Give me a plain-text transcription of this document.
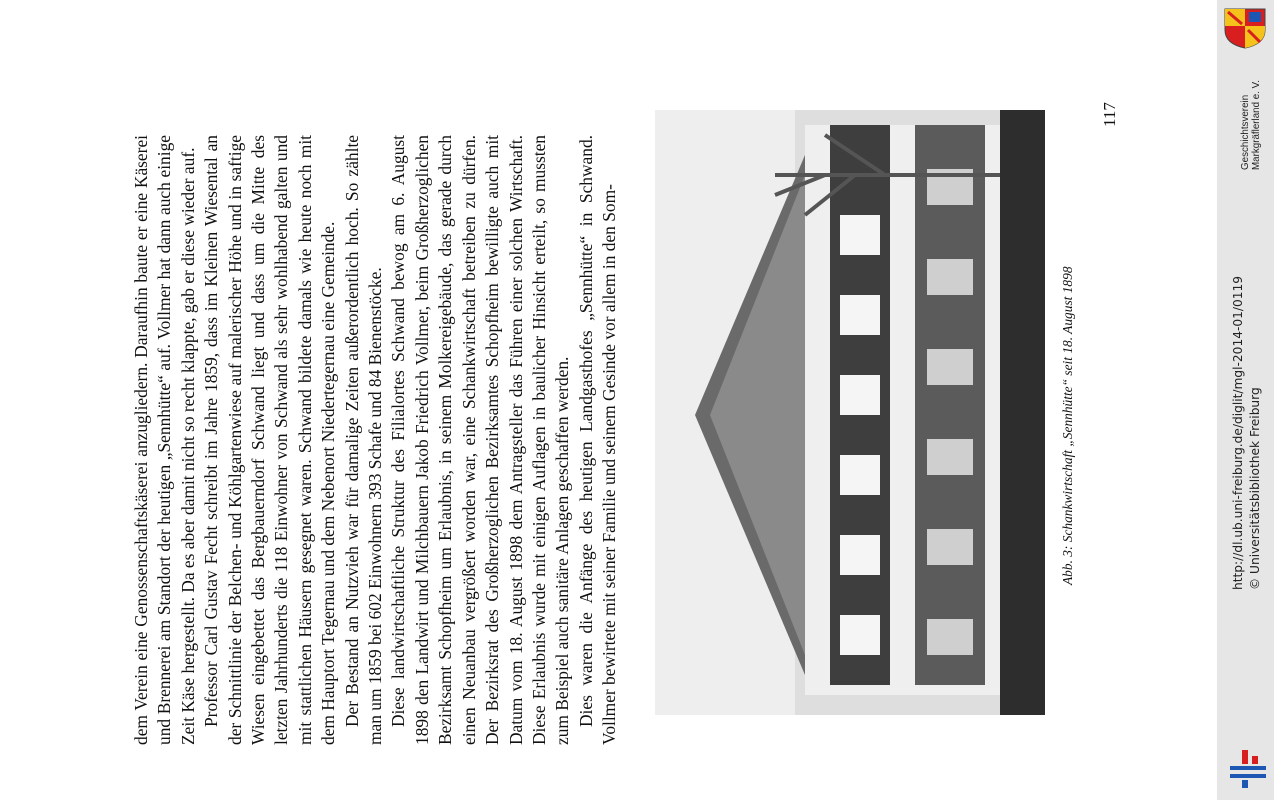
dem Verein eine Genossenschaftskäserei anzugliedern. Daraufhin baute er eine Käserei und Brennerei am Standort der heutigen „Sennhütte“ auf. Vollmer hat dann auch einige Zeit Käse hergestellt. Da es aber damit nicht so recht klappte, gab er diese wieder auf. Professor Carl Gustav Fecht schreibt im Jahre 1859, dass im Kleinen Wiesental an der Schnittlinie der Belchen- und Köhlgartenwiese auf malerischer Höhe und in saftige Wiesen eingebettet das Bergbauerndorf Schwand liegt und dass um die Mitte des letzten Jahrhunderts die 118 Einwohner von Schwand als sehr wohlhabend galten und mit stattlichen Häusern gesegnet waren. Schwand bildete damals wie heute noch mit dem Hauptort Tegernau und dem Nebenort Niedertegernau eine Gemeinde. Der Bestand an Nutzvieh war für damalige Zeiten außerordentlich hoch. So zählte man um 1859 bei 602 Einwohnern 393 Schafe und 84 Bienenstöcke. Diese landwirtschaftliche Struktur des Filialortes Schwand bewog am 6. August 1898 den Landwirt und Milchbauern Jakob Friedrich Vollmer, beim Großherzoglichen Bezirksamt Schopfheim um Erlaubnis, in seinem Molkereigebäude, das gerade durch einen Neuanbau vergrößert worden war, eine Schankwirtschaft betreiben zu dürfen. Der Bezirksrat des Großherzoglichen Bezirksamtes Schopfheim bewilligte auch mit Datum vom 18. August 1898 dem Antragsteller das Führen einer solchen Wirtschaft. Diese Erlaubnis wurde mit einigen Auflagen in baulicher Hinsicht erteilt, so mussten zum Beispiel auch sanitäre Anlagen geschaffen werden. Dies waren die Anfänge des heutigen Landgasthofes „Sennhütte“ in Schwand. Vollmer bewirtete mit seiner Familie und seinem Gesinde vor allem in den Som-	Abb. 3: Schankwirtschaft „Sennhütte“ seit 18. August 1898
117	Geschichtsverein Markgräflerland e. V.
http://dl.ub.uni-freiburg.de/diglit/mgl-2014-01/0119 © Universitätsbibliothek Freiburg
